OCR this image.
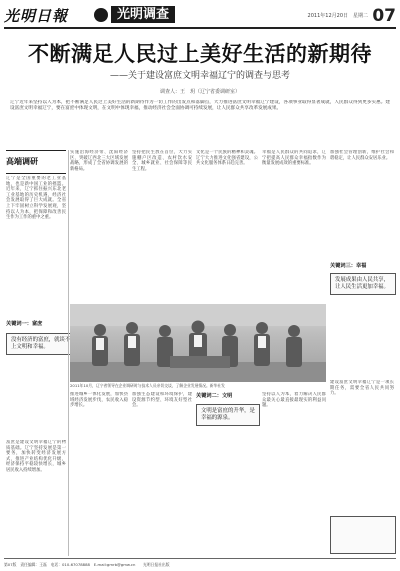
光明日報	光明调查	2011年12月20日　星期二 07
不断满足人民过上美好生活的新期待
——关于建设富庶文明幸福辽宁的调查与思考
调查人：王　玥（辽宁省委调研室）
辽宁近年来坚持以人为本，把不断满足人民过上美好生活的新期待作为一切工作的出发点和落脚点，大力推进富庶文明幸福辽宁建设，各项事业取得显著成就，人民群众得到更多实惠。建设富庶文明幸福辽宁，要在富庶中体现文明，在文明中体现幸福，推动经济社会全面协调可持续发展，让人民群众共享改革发展成果。
高端调研
辽宁是全国重要的老工业基地，也是新中国工业的摇篮。近年来，辽宁抓住振兴东北老工业基地的历史机遇，经济社会发展取得了巨大成就。全省上下牢固树立科学发展观，坚持以人为本，把保障和改善民生作为工作的重中之重。
关键词一：富庶
没有经济的富庶，就谈不上文明和幸福。
富庶是建设文明幸福辽宁的物质基础。辽宁坚持发展是第一要务，加快转变经济发展方式，推进产业结构优化升级，经济保持平稳较快增长，城乡居民收入持续增加。
实施沿海经济带、沈阳经济区、突破辽西北三大区域发展战略，形成了全省协调发展的新格局。
坚持把民生放在首位，大力实施棚户区改造、农村饮水安全、城乡就业、社会保障等民生工程。
文化是一个民族的精神和灵魂。辽宁大力推进文化强省建设，公共文化服务体系日趋完善。
幸福是人民群众的共同追求，辽宁把提高人民群众幸福指数作为衡量发展成效的重要标准。
2011年10月，辽宁省领导在企业调研时与技术人员亲切交谈，了解企业发展情况。新华社发
加强社会管理创新，维护社会和谐稳定，让人民群众安居乐业。
关键词三：幸福
发展成果由人民共享，让人民生活更加幸福。
建设富庶文明幸福辽宁是一项长期任务，需要全省人民共同努力。
推进城乡一体化发展，加快县域经济发展步伐，农民收入稳步增长。
加强生态建设和环境保护，建设资源节约型、环境友好型社会。
关键词二：文明
文明是富庶的升华，是幸福的源泉。
坚持以人为本，着力解决人民群众最关心最直接最现实的利益问题。
第07版　责任编辑：王磊　电话：010-67078888　E-mail:gmrb@gmw.cn　　光明日报社出版
